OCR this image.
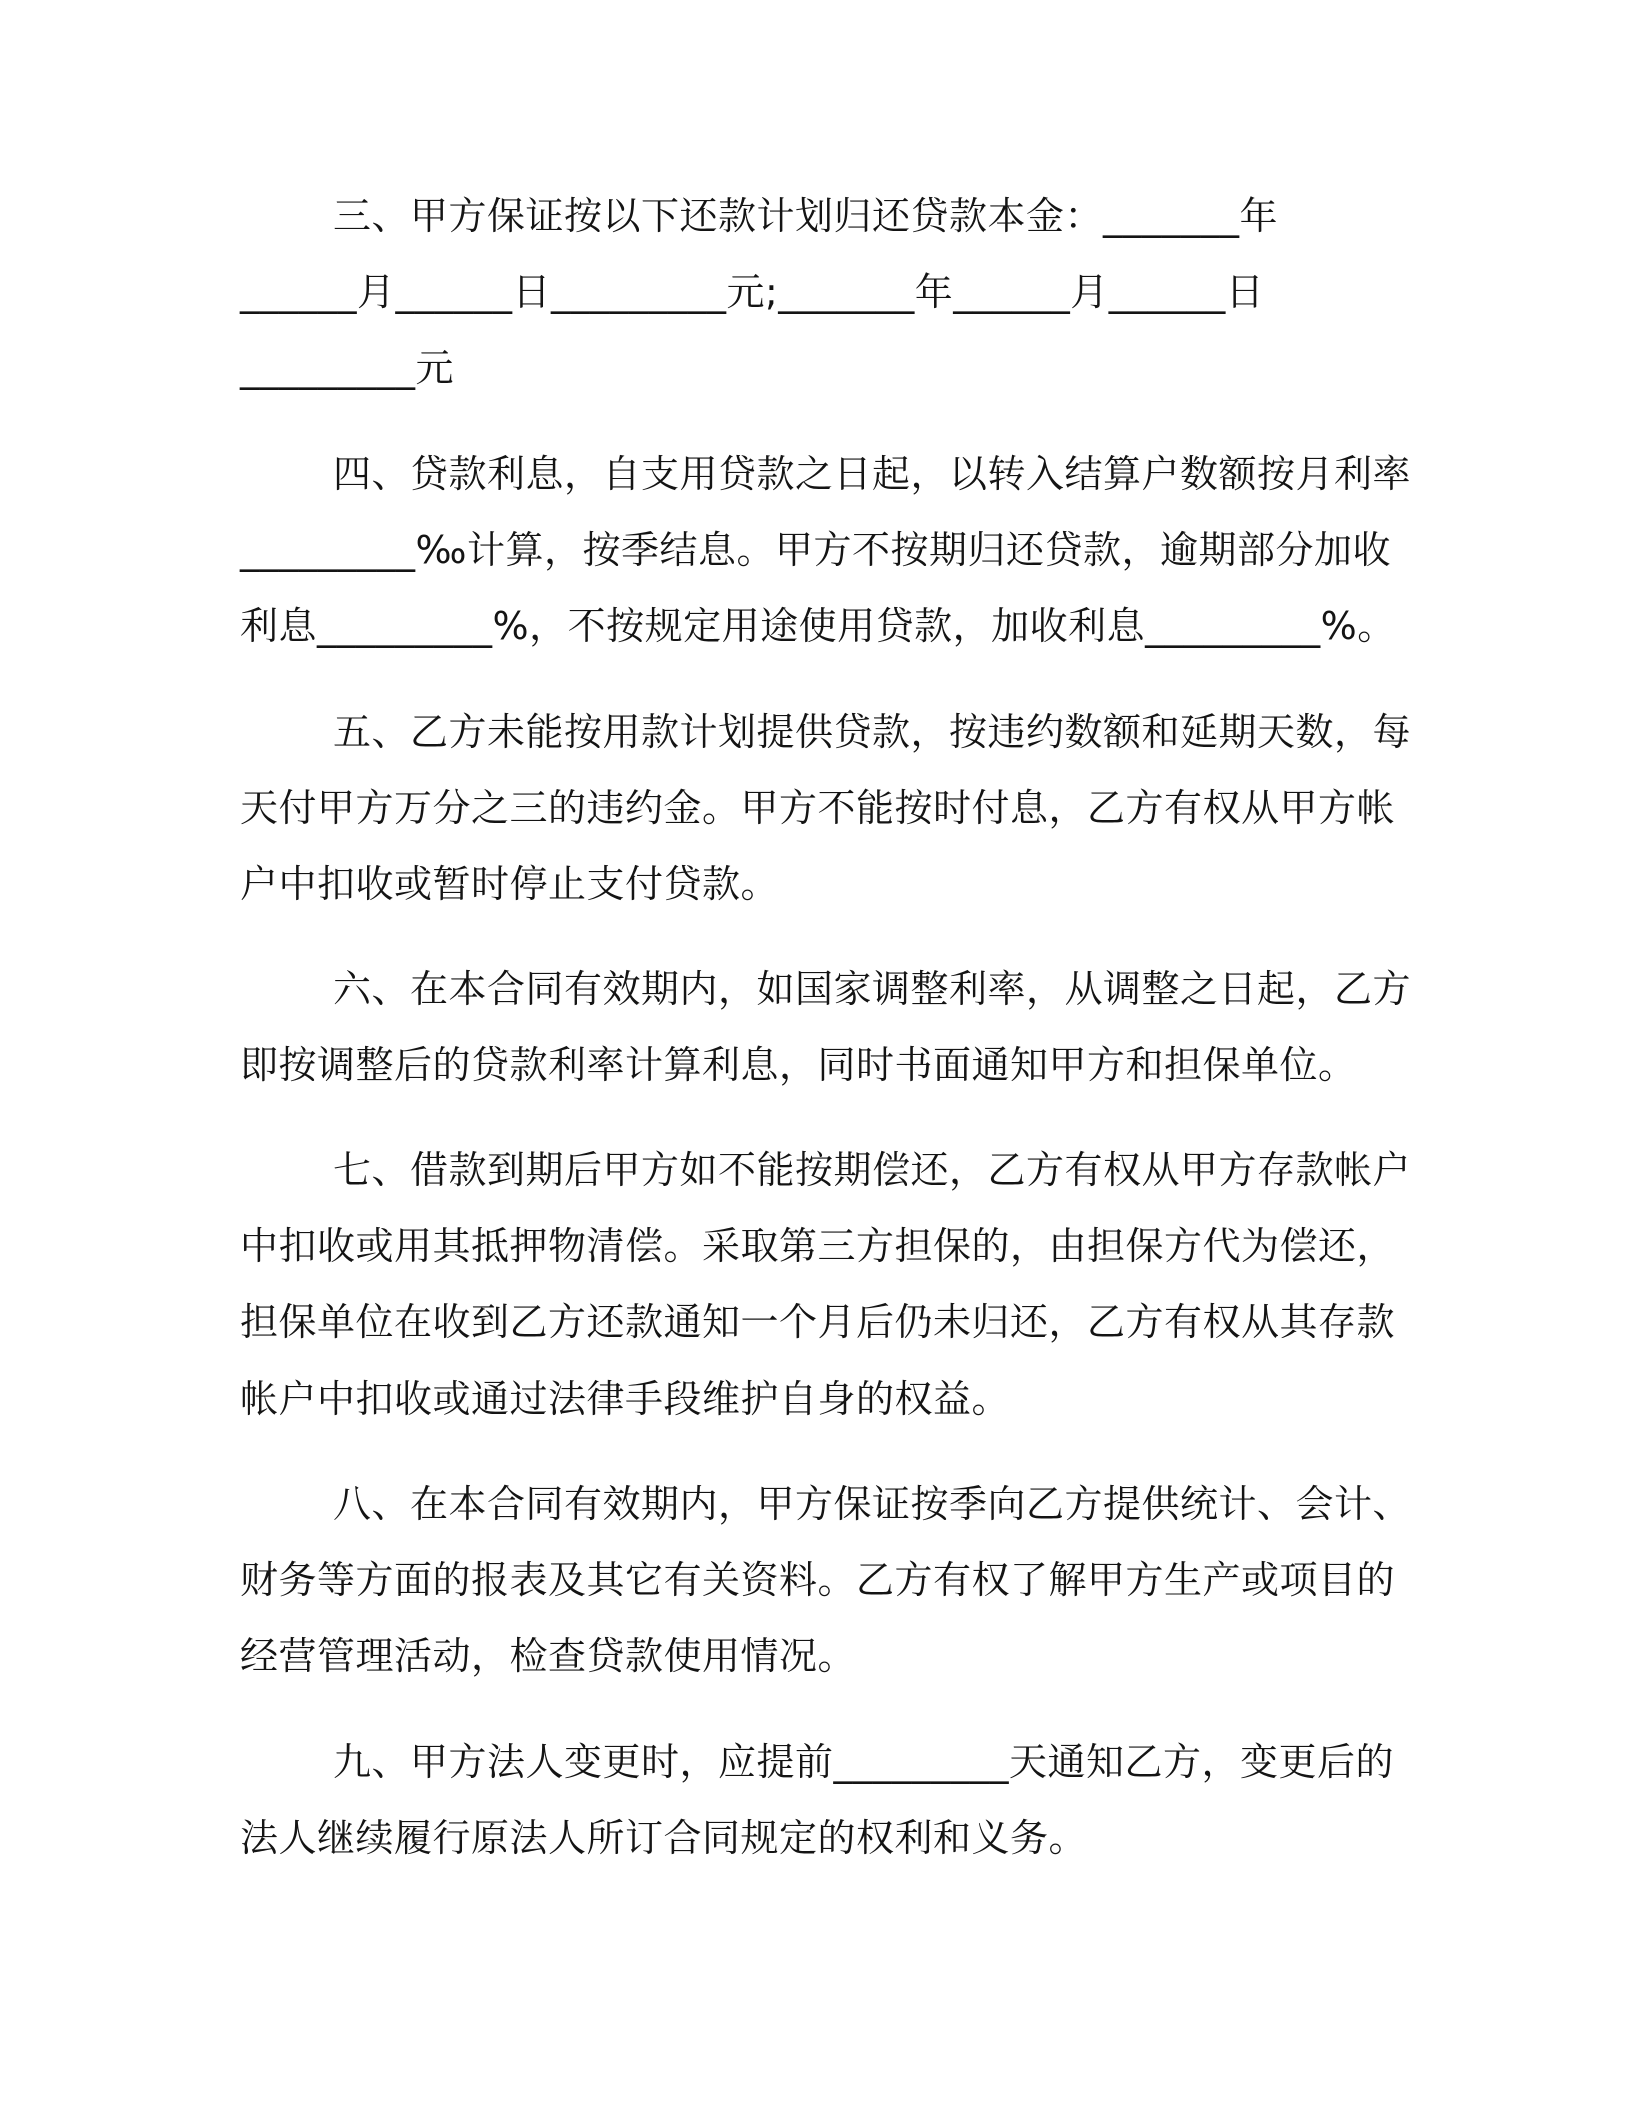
三、甲方保证按以下还款计划归还贷款本金：_______年
______月______日_________元;_______年______月______日
_________元
四、贷款利息，自支用贷款之日起，以转入结算户数额按月利率
_________‰计算，按季结息。甲方不按期归还贷款，逾期部分加收
利息_________%，不按规定用途使用贷款，加收利息_________%。
五、乙方未能按用款计划提供贷款，按违约数额和延期天数，每
天付甲方万分之三的违约金。甲方不能按时付息，乙方有权从甲方帐
户中扣收或暂时停止支付贷款。
六、在本合同有效期内，如国家调整利率，从调整之日起，乙方
即按调整后的贷款利率计算利息，同时书面通知甲方和担保单位。
七、借款到期后甲方如不能按期偿还，乙方有权从甲方存款帐户
中扣收或用其抵押物清偿。采取第三方担保的，由担保方代为偿还，
担保单位在收到乙方还款通知一个月后仍未归还，乙方有权从其存款
帐户中扣收或通过法律手段维护自身的权益。
八、在本合同有效期内，甲方保证按季向乙方提供统计、会计、
财务等方面的报表及其它有关资料。乙方有权了解甲方生产或项目的
经营管理活动，检查贷款使用情况。
九、甲方法人变更时，应提前_________天通知乙方，变更后的
法人继续履行原法人所订合同规定的权利和义务。
